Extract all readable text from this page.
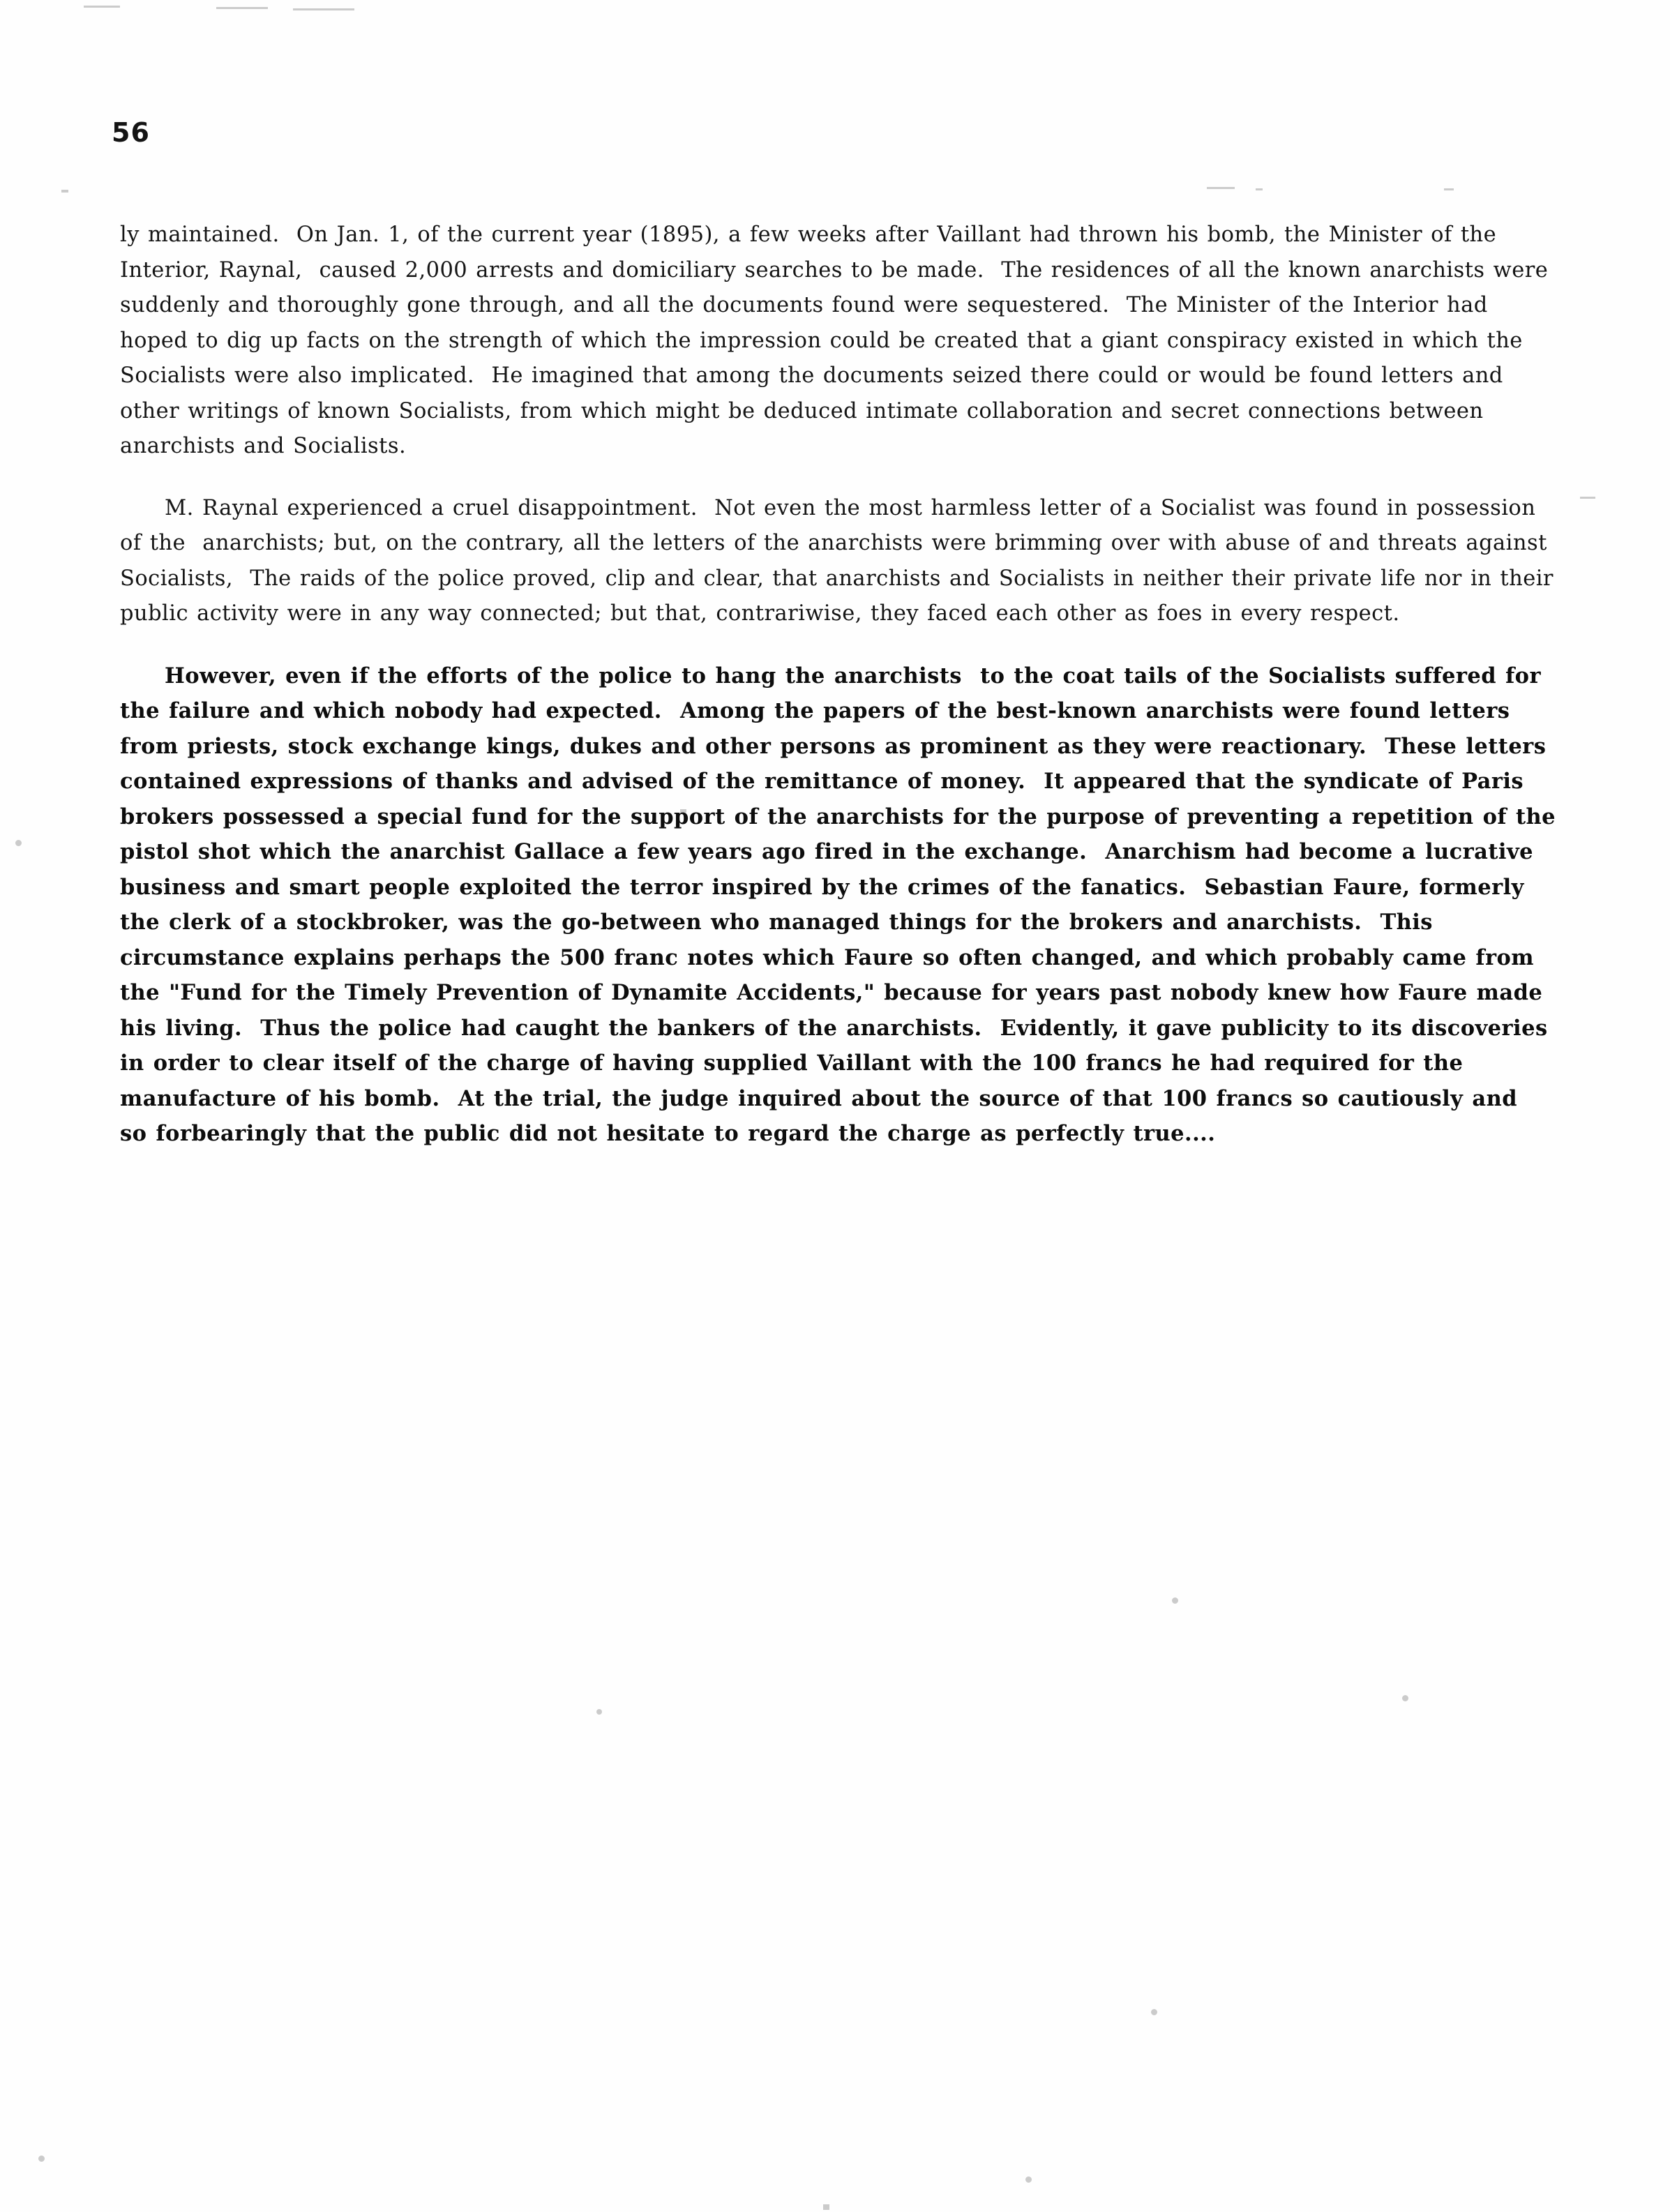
56

ly maintained.  On Jan. 1, of the current year (1895), a few weeks after Vaillant had thrown his bomb, the Minister of the Interior, Raynal,  caused 2,000 arrests and domiciliary searches to be made.  The residences of all the known anarchists were suddenly and thoroughly gone through, and all the documents found were sequestered.  The Minister of the Interior had hoped to dig up facts on the strength of which the impression could be created that a giant conspiracy existed in which the Socialists were also implicated.  He imagined that among the documents seized there could or would be found letters and other writings of known Socialists, from which might be deduced intimate collaboration and secret connections between anarchists and Socialists.

M. Raynal experienced a cruel disappointment.  Not even the most harmless letter of a Socialist was found in possession of the  anarchists; but, on the contrary, all the letters of the anarchists were brimming over with abuse of and threats against Socialists,  The raids of the police proved, clip and clear, that anarchists and Socialists in neither their private life nor in their public activity were in any way connected; but that, contrariwise, they faced each other as foes in every respect.

However, even if the efforts of the police to hang the anarchists  to the coat tails of the Socialists suffered for the failure and which nobody had expected.  Among the papers of the best-known anarchists were found letters from priests, stock exchange kings, dukes and other persons as prominent as they were reactionary.  These letters contained expressions of thanks and advised of the remittance of money.  It appeared that the syndicate of Paris brokers possessed a special fund for the support of the anarchists for the purpose of preventing a repetition of the pistol shot which the anarchist Gallace a few years ago fired in the exchange.  Anarchism had become a lucrative business and smart people exploited the terror inspired by the crimes of the fanatics.  Sebastian Faure, formerly the clerk of a stockbroker, was the go-between who managed things for the brokers and anarchists.  This circumstance explains perhaps the 500 franc notes which Faure so often changed, and which probably came from the "Fund for the Timely Prevention of Dynamite Accidents," because for years past nobody knew how Faure made his living.  Thus the police had caught the bankers of the anarchists.  Evidently, it gave publicity to its discoveries in order to clear itself of the charge of having supplied Vaillant with the 100 francs he had required for the manufacture of his bomb.  At the trial, the judge inquired about the source of that 100 francs so cautiously and  so forbearingly that the public did not hesitate to regard the charge as perfectly true....
